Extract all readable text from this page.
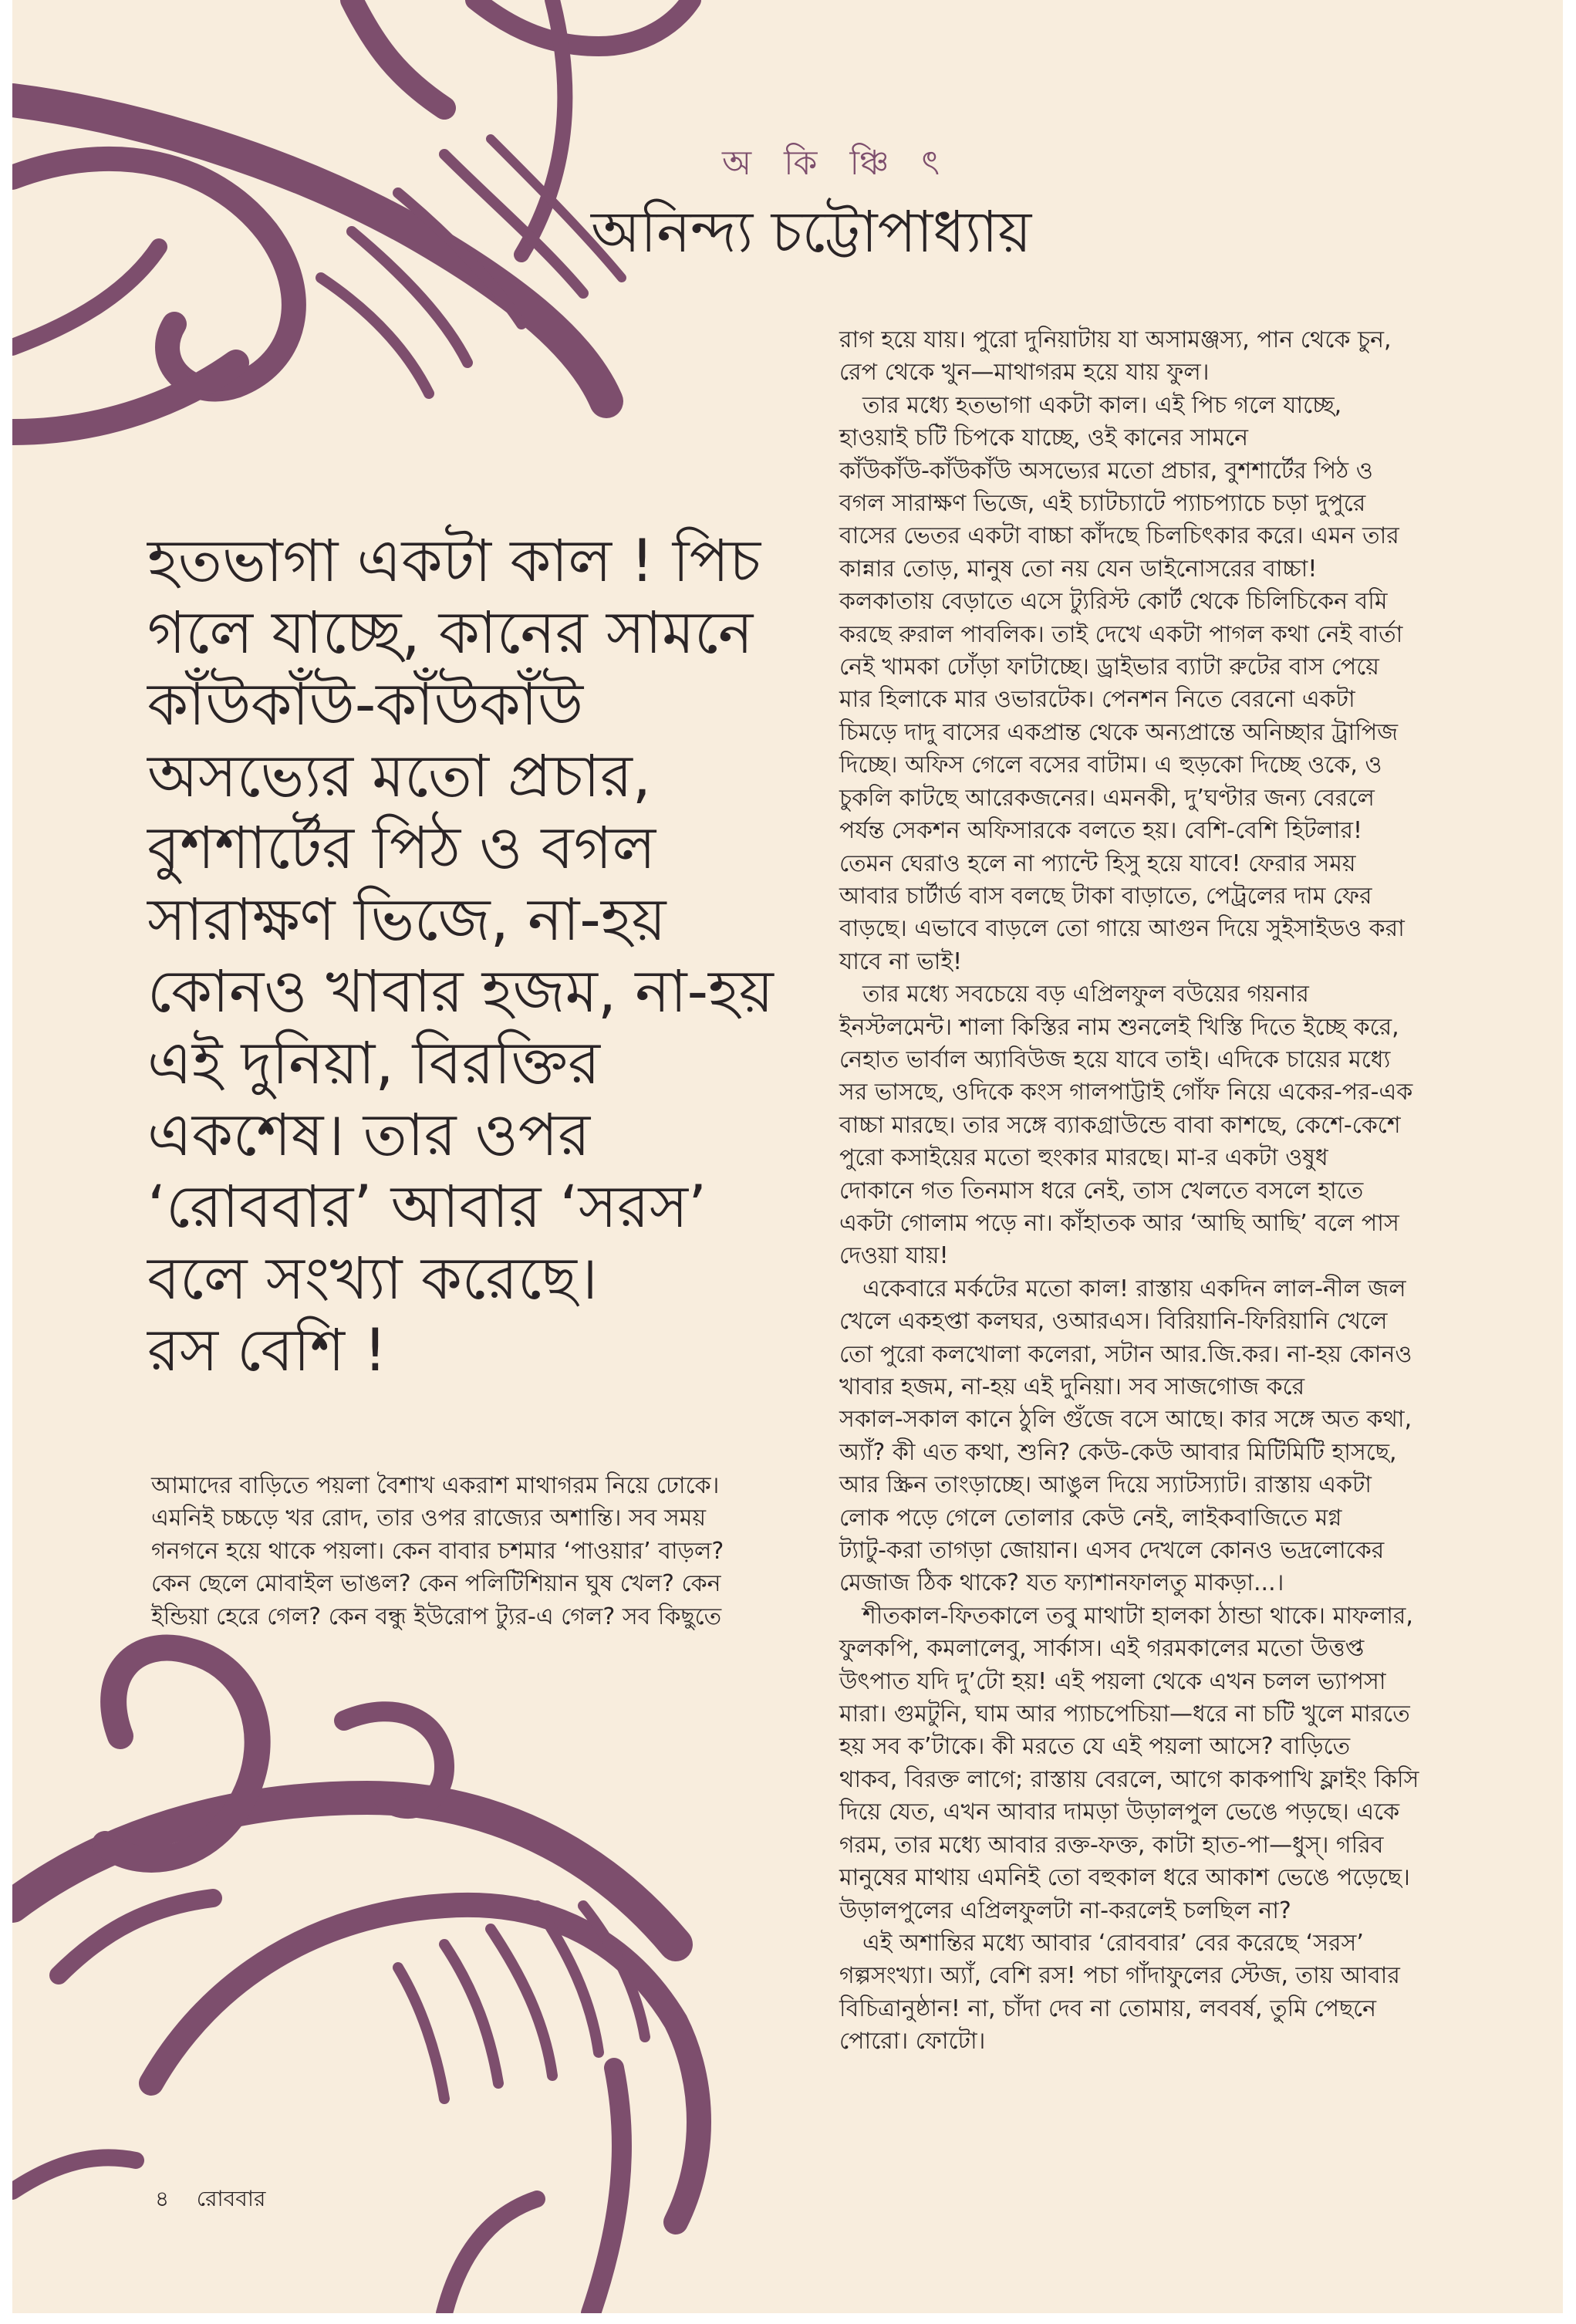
অ কি ঞ্চি ৎ
অনিন্দ্য চট্টোপাধ্যায়
হতভাগা একটা কাল ! পিচ
গলে যাচ্ছে, কানের সামনে
কাঁউকাঁউ-কাঁউকাঁউ
অসভ্যের মতো প্রচার,
বুশশার্টের পিঠ ও বগল
সারাক্ষণ ভিজে, না-হয়
কোনও খাবার হজম, না-হয়
এই দুনিয়া, বিরক্তির
একশেষ। তার ওপর
‘রোববার’ আবার ‘সরস’
বলে সংখ্যা করেছে।
রস বেশি !
আমাদের বাড়িতে পয়লা বৈশাখ একরাশ মাথাগরম নিয়ে ঢোকে।
এমনিই চচ্চড়ে খর রোদ, তার ওপর রাজ্যের অশান্তি। সব সময়
গনগনে হয়ে থাকে পয়লা। কেন বাবার চশমার ‘পাওয়ার’ বাড়ল?
কেন ছেলে মোবাইল ভাঙল? কেন পলিটিশিয়ান ঘুষ খেল? কেন
ইন্ডিয়া হেরে গেল? কেন বন্ধু ইউরোপ ট্যুর-এ গেল? সব কিছুতে
রাগ হয়ে যায়। পুরো দুনিয়াটায় যা অসামঞ্জস্য, পান থেকে চুন,
রেপ থেকে খুন—মাথাগরম হয়ে যায় ফুল।
তার মধ্যে হতভাগা একটা কাল। এই পিচ গলে যাচ্ছে,
হাওয়াই চটি চিপকে যাচ্ছে, ওই কানের সামনে
কাঁউকাঁউ-কাঁউকাঁউ অসভ্যের মতো প্রচার, বুশশার্টের পিঠ ও
বগল সারাক্ষণ ভিজে, এই চ্যাটচ্যাটে প্যাচপ্যাচে চড়া দুপুরে
বাসের ভেতর একটা বাচ্চা কাঁদছে চিলচিৎকার করে। এমন তার
কান্নার তোড়, মানুষ তো নয় যেন ডাইনোসরের বাচ্চা!
কলকাতায় বেড়াতে এসে ট্যুরিস্ট কোর্ট থেকে চিলিচিকেন বমি
করছে রুরাল পাবলিক। তাই দেখে একটা পাগল কথা নেই বার্তা
নেই খামকা ঢোঁড়া ফাটাচ্ছে। ড্রাইভার ব্যাটা রুটের বাস পেয়ে
মার হিলাকে মার ওভারটেক। পেনশন নিতে বেরনো একটা
চিমড়ে দাদু বাসের একপ্রান্ত থেকে অন্যপ্রান্তে অনিচ্ছার ট্রাপিজ
দিচ্ছে। অফিস গেলে বসের বাটাম। এ হুড়কো দিচ্ছে ওকে, ও
চুকলি কাটছে আরেকজনের। এমনকী, দু’ঘণ্টার জন্য বেরলে
পর্যন্ত সেকশন অফিসারকে বলতে হয়। বেশি-বেশি হিটলার!
তেমন ঘেরাও হলে না প্যান্টে হিসু হয়ে যাবে! ফেরার সময়
আবার চার্টার্ড বাস বলছে টাকা বাড়াতে, পেট্রলের দাম ফের
বাড়ছে। এভাবে বাড়লে তো গায়ে আগুন দিয়ে সুইসাইডও করা
যাবে না ভাই!
তার মধ্যে সবচেয়ে বড় এপ্রিলফুল বউয়ের গয়নার
ইনস্টলমেন্ট। শালা কিস্তির নাম শুনলেই খিস্তি দিতে ইচ্ছে করে,
নেহাত ভার্বাল অ্যাবিউজ হয়ে যাবে তাই। এদিকে চায়ের মধ্যে
সর ভাসছে, ওদিকে কংস গালপাট্টাই গোঁফ নিয়ে একের-পর-এক
বাচ্চা মারছে। তার সঙ্গে ব্যাকগ্রাউন্ডে বাবা কাশছে, কেশে-কেশে
পুরো কসাইয়ের মতো হুংকার মারছে। মা-র একটা ওষুধ
দোকানে গত তিনমাস ধরে নেই, তাস খেলতে বসলে হাতে
একটা গোলাম পড়ে না। কাঁহাতক আর ‘আছি আছি’ বলে পাস
দেওয়া যায়!
একেবারে মর্কটের মতো কাল! রাস্তায় একদিন লাল-নীল জল
খেলে একহপ্তা কলঘর, ওআরএস। বিরিয়ানি-ফিরিয়ানি খেলে
তো পুরো কলখোলা কলেরা, সটান আর.জি.কর। না-হয় কোনও
খাবার হজম, না-হয় এই দুনিয়া। সব সাজগোজ করে
সকাল-সকাল কানে ঠুলি গুঁজে বসে আছে। কার সঙ্গে অত কথা,
অ্যাঁ? কী এত কথা, শুনি? কেউ-কেউ আবার মিটিমিটি হাসছে,
আর স্ক্রিন তাংড়াচ্ছে। আঙুল দিয়ে স্যাটস্যাট। রাস্তায় একটা
লোক পড়ে গেলে তোলার কেউ নেই, লাইকবাজিতে মগ্ন
ট্যাটু-করা তাগড়া জোয়ান। এসব দেখলে কোনও ভদ্রলোকের
মেজাজ ঠিক থাকে? যত ফ্যাশানফালতু মাকড়া...।
শীতকাল-ফিতকালে তবু মাথাটা হালকা ঠান্ডা থাকে। মাফলার,
ফুলকপি, কমলালেবু, সার্কাস। এই গরমকালের মতো উত্তপ্ত
উৎপাত যদি দু’টো হয়! এই পয়লা থেকে এখন চলল ভ্যাপসা
মারা। গুমটুনি, ঘাম আর প্যাচপেচিয়া—ধরে না চটি খুলে মারতে
হয় সব ক’টাকে। কী মরতে যে এই পয়লা আসে? বাড়িতে
থাকব, বিরক্ত লাগে; রাস্তায় বেরলে, আগে কাকপাখি ফ্লাইং কিসি
দিয়ে যেত, এখন আবার দামড়া উড়ালপুল ভেঙে পড়ছে। একে
গরম, তার মধ্যে আবার রক্ত-ফক্ত, কাটা হাত-পা—ধুস্‌। গরিব
মানুষের মাথায় এমনিই তো বহুকাল ধরে আকাশ ভেঙে পড়েছে।
উড়ালপুলের এপ্রিলফুলটা না-করলেই চলছিল না?
এই অশান্তির মধ্যে আবার ‘রোববার’ বের করেছে ‘সরস’
গল্পসংখ্যা। অ্যাঁ, বেশি রস! পচা গাঁদাফুলের স্টেজ, তায় আবার
বিচিত্রানুষ্ঠান! না, চাঁদা দেব না তোমায়, লববর্ষ, তুমি পেছনে
পোরো। ফোটো।
৪ রোববার
